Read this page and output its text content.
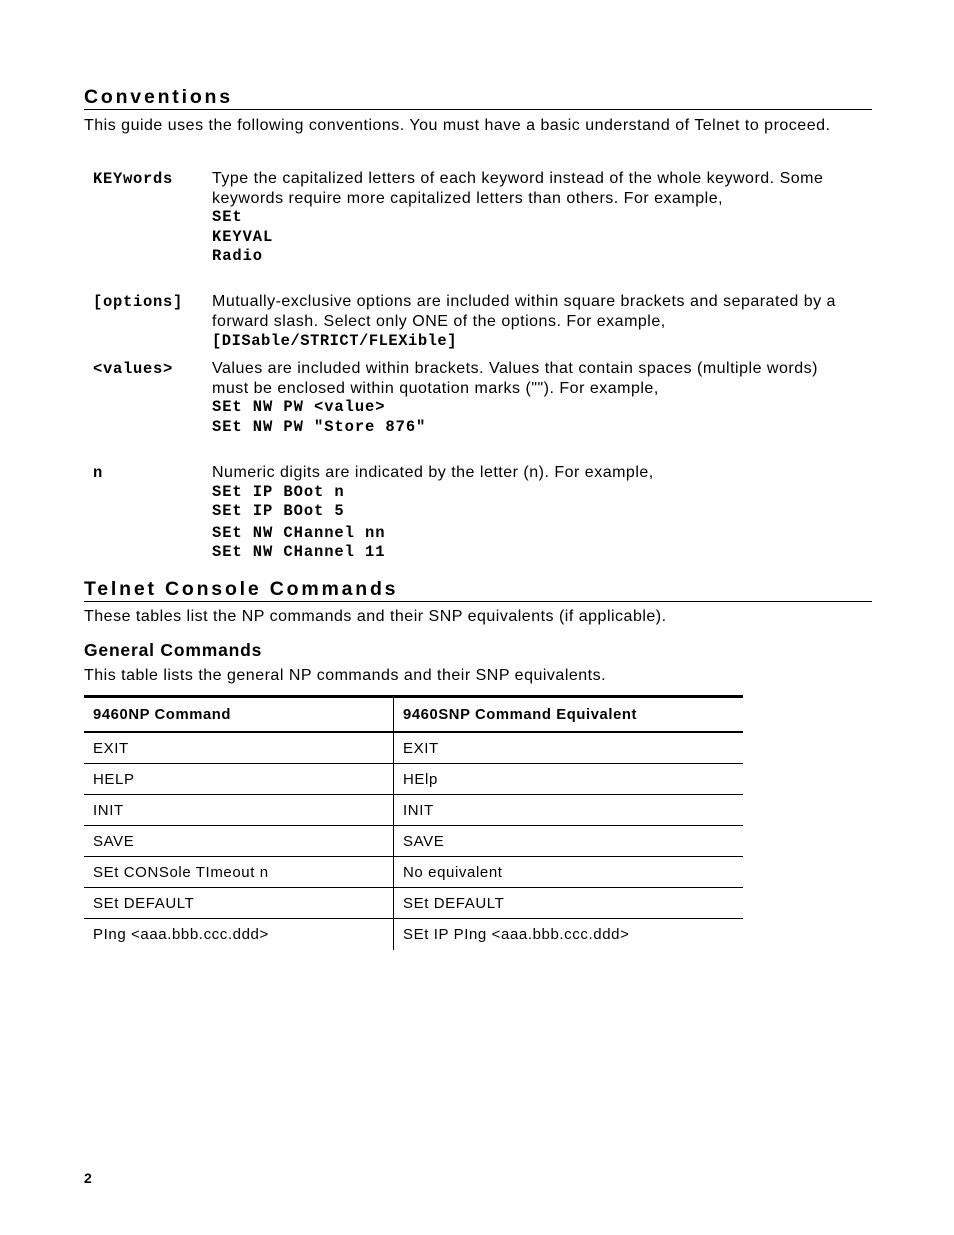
Conventions
This guide uses the following conventions. You must have a basic understand of Telnet to proceed.
KEYwords Type the capitalized letters of each keyword instead of the whole keyword. Some keywords require more capitalized letters than others. For example,
SEt
KEYVAL
Radio
[options] Mutually-exclusive options are included within square brackets and separated by a forward slash. Select only ONE of the options. For example, [DISable/STRICT/FLEXible]
<values> Values are included within brackets. Values that contain spaces (multiple words) must be enclosed within quotation marks (""). For example,
SEt NW PW <value>
SEt NW PW "Store 876"
n	Numeric digits are indicated by the letter (n). For example,
SEt IP BOot n
SEt IP BOot 5
SEt NW CHannel nn
SEt NW CHannel 11
Telnet Console Commands
These tables list the NP commands and their SNP equivalents (if applicable).
General Commands
This table lists the general NP commands and their SNP equivalents.
9460NP Command	9460SNP Command Equivalent
EXIT	EXIT
HELP	HElp
INIT	INIT
SAVE	SAVE
SEt CONSole TImeout n	No equivalent
SEt DEFAULT	SEt DEFAULT
PIng <aaa.bbb.ccc.ddd>	SEt IP PIng <aaa.bbb.ccc.ddd>
2
